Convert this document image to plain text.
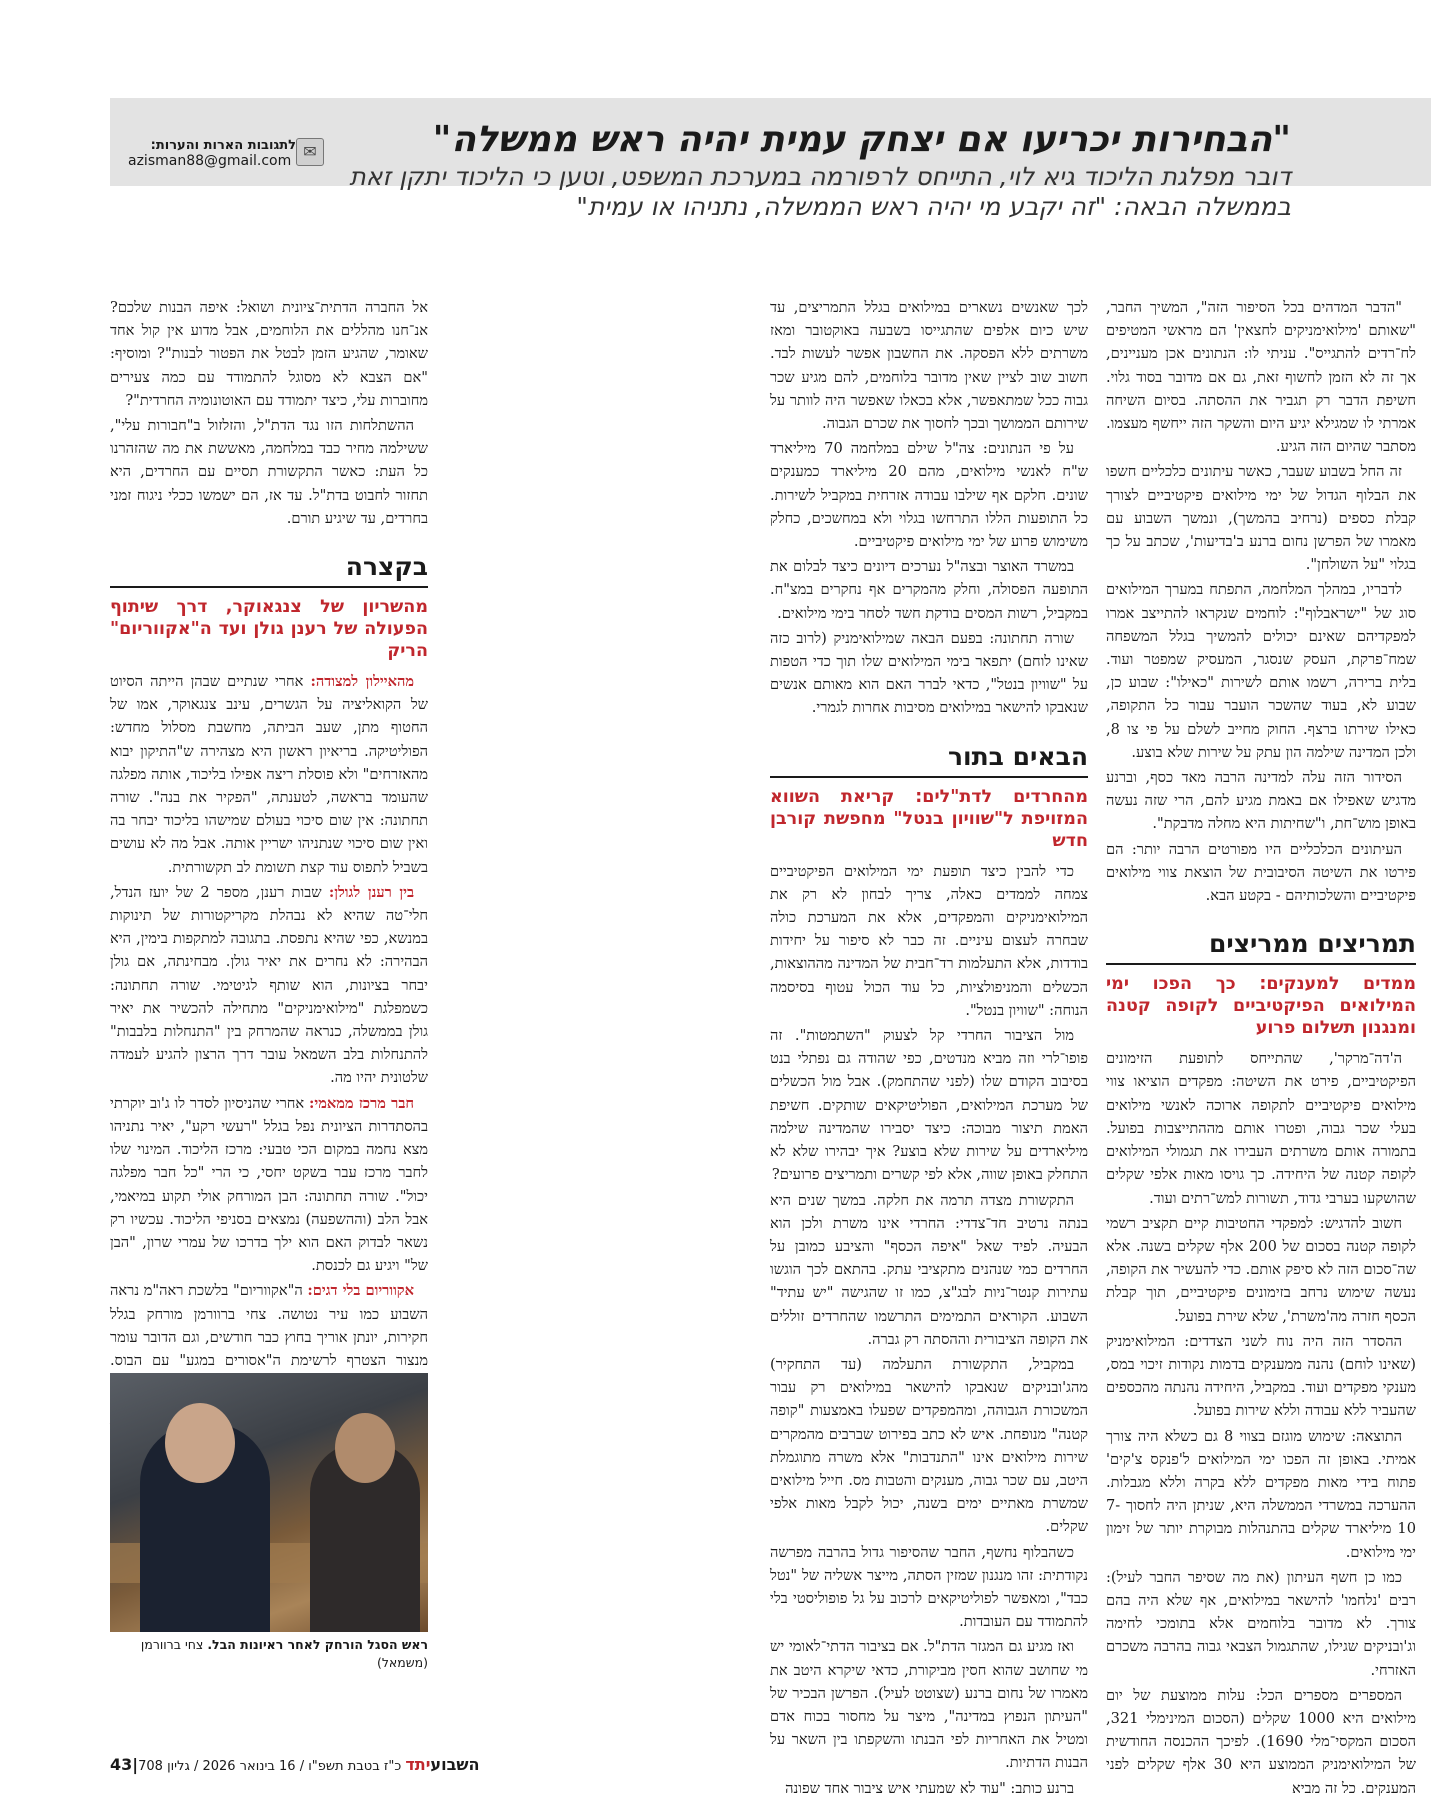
"הבחירות יכריעו אם יצחק עמית יהיה ראש ממשלה"
דובר מפלגת הליכוד גיא לוי, התייחס לרפורמה במערכת המשפט, וטען כי הליכוד יתקן זאת בממשלה הבאה: "זה יקבע מי יהיה ראש הממשלה, נתניהו או עמית"
✉
לתגובות הארות והערות:
azisman88@gmail.com

"הדבר המדהים בכל הסיפור הזה", המשיך החבר, "שאותם 'מילואימניקים לחצאין' הם מראשי המטיפים לח־רדים להתגייס". עניתי לו: הנתונים אכן מעניינים, אך זה לא הזמן לחשוף זאת, גם אם מדובר בסוד גלוי. חשיפת הדבר רק תגביר את ההסתה. בסיום השיחה אמרתי לו שמגילא יגיע היום והשקר הזה ייחשף מעצמו. מסתבר שהיום הזה הגיע.

זה החל בשבוע שעבר, כאשר עיתונים כלכליים חשפו את הבלוף הגדול של ימי מילואים פיקטיביים לצורך קבלת כספים (נרחיב בהמשך), ונמשך השבוע עם מאמרו של הפרשן נחום ברנע ב'בדיעות', שכתב על כך בגלוי "על השולחן".

לדבריו, במהלך המלחמה, התפתח במערך המילואים סוג של "ישראבלוף": לוחמים שנקראו להתייצב אמרו למפקדיהם שאינם יכולים להמשיך בגלל המשפחה שמח־פרקת, העסק שנסגר, המעסיק שמפטר ועוד. בלית ברירה, רשמו אותם לשירות "כאילו": שבוע כן, שבוע לא, בעוד שהשכר הועבר עבור כל התקופה, כאילו שירתו ברצף. החוק מחייב לשלם על פי צו 8, ולכן המדינה שילמה הון עתק על שירות שלא בוצע.

הסידור הזה עלה למדינה הרבה מאד כסף, וברנע מדגיש שאפילו אם באמת מגיע להם, הרי שזה נעשה באופן מוש־חת, ו"שחיתות היא מחלה מדבקת".

העיתונים הכלכליים היו מפורטים הרבה יותר: הם פירטו את השיטה הסיבובית של הוצאת צווי מילואים פיקטיביים והשלכותיהם - בקטע הבא.

תמריצים ממריצים
ממדים למענקים: כך הפכו ימי המילואים הפיקטיביים לקופה קטנה ומנגנון תשלום פרוע

ה'דה־מרקר', שהתייחס לתופעת הזימונים הפיקטיביים, פירט את השיטה: מפקדים הוציאו צווי מילואים פיקטיביים לתקופה ארוכה לאנשי מילואים בעלי שכר גבוה, ופטרו אותם מההתייצבות בפועל. בתמורה אותם משרתים העבירו את תגמולי המילואים לקופה קטנה של היחידה. כך גויסו מאות אלפי שקלים שהושקעו בערבי גדוד, תשורות למש־רתים ועוד.

חשוב להדגיש: למפקדי החטיבות קיים תקציב רשמי לקופה קטנה בסכום של 200 אלף שקלים בשנה. אלא שה־סכום הזה לא סיפק אותם. כדי להעשיר את הקופה, נעשה שימוש נרחב בזימונים פיקטיביים, תוך קבלת הכסף חזרה מה'משרת', שלא שירת בפועל.

ההסדר הזה היה נוח לשני הצדדים: המילואימניק (שאינו לוחם) נהנה ממענקים בדמות נקודות זיכוי במס, מענקי מפקדים ועוד. במקביל, היחידה נהנתה מהכספים שהעביר ללא עבודה וללא שירות בפועל.

התוצאה: שימוש מוגזם בצווי 8 גם כשלא היה צורך אמיתי. באופן זה הפכו ימי המילואים ל'פנקס צ'קים' פתוח בידי מאות מפקדים ללא בקרה וללא מגבלות. ההערכה במשרדי הממשלה היא, שניתן היה לחסוך 7-10 מיליארד שקלים בהתנהלות מבוקרת יותר של זימון ימי מילואים.

כמו כן חשף העיתון (את מה שסיפר החבר לעיל): רבים 'נלחמו' להישאר במילואים, אף שלא היה בהם צורך. לא מדובר בלוחמים אלא בתומכי לחימה וג'ובניקים שגילו, שהתגמול הצבאי גבוה בהרבה משכרם האזרחי.

המספרים מספרים הכל: עלות ממוצעת של יום מילואים היא 1000 שקלים (הסכום המינימלי 321, הסכום המקסי־מלי 1690). לפיכך ההכנסה החודשית של המילואימניק הממוצע היא 30 אלף שקלים לפני המענקים. כל זה מביא

לכך שאנשים נשארים במילואים בגלל התמריצים, עד שיש כיום אלפים שהתגייסו בשבעה באוקטובר ומאז משרתים ללא הפסקה. את החשבון אפשר לעשות לבד. חשוב שוב לציין שאין מדובר בלוחמים, להם מגיע שכר גבוה ככל שמתאפשר, אלא בכאלו שאפשר היה לוותר על שירותם הממושך ובכך לחסוך את שכרם הגבוה.

על פי הנתונים: צה"ל שילם במלחמה 70 מיליארד ש"ח לאנשי מילואים, מהם 20 מיליארד כמענקים שונים. חלקם אף שילבו עבודה אזרחית במקביל לשירות. כל התופעות הללו התרחשו בגלוי ולא במחשכים, כחלק משימוש פרוע של ימי מילואים פיקטיביים.

במשרד האוצר ובצה"ל נערכים דיונים כיצד לבלום את התופעה הפסולה, וחלק מהמקרים אף נחקרים במצ"ח. במקביל, רשות המסים בודקת חשד לסחר בימי מילואים.

שורה תחתונה: בפעם הבאה שמילואימניק (לרוב כזה שאינו לוחם) יתפאר בימי המילואים שלו תוך כדי הטפות על "שוויון בנטל", כדאי לברר האם הוא מאותם אנשים שנאבקו להישאר במילואים מסיבות אחרות לגמרי.

הבאים בתור
מהחרדים לדת"לים: קריאת השווא המזויפת ל"שוויון בנטל" מחפשת קורבן חדש

כדי להבין כיצד תופעת ימי המילואים הפיקטיביים צמחה לממדים כאלה, צריך לבחון לא רק את המילואימניקים והמפקדים, אלא את המערכת כולה שבחרה לעצום עיניים. זה כבר לא סיפור על יחידות בודדות, אלא התעלמות רד־חבית של המדינה מההוצאות, הכשלים והמניפולציות, כל עוד הכול עטוף בסיסמה הנוחה: "שוויון בנטל".

מול הציבור החרדי קל לצעוק "השתמטות". זה פופו־לרי וזה מביא מנדטים, כפי שהודה גם נפתלי בנט בסיבוב הקודם שלו (לפני שהתחמק). אבל מול הכשלים של מערכת המילואים, הפוליטיקאים שותקים. חשיפת האמת תיצור מבוכה: כיצד יסבירו שהמדינה שילמה מיליארדים על שירות שלא בוצע? איך יבהירו שלא לא התחלק באופן שווה, אלא לפי קשרים ותמריצים פרועים?

התקשורת מצדה תרמה את חלקה. במשך שנים היא בנתה נרטיב חד־צדדי: החרדי אינו משרת ולכן הוא הבעיה. לפיד שאל "איפה הכסף" והציבע כמובן על החרדים כמי שנהנים מתקציבי עתק. בהתאם לכך הוגשו עתירות קנטר־ניות לבג"צ, כמו זו שהגישה "יש עתיד" השבוע. הקוראים התמימים התרשמו שהחרדים זוללים את הקופה הציבורית וההסתה רק גברה.

במקביל, התקשורת התעלמה (עד התחקיר) מהג'ובניקים שנאבקו להישאר במילואים רק עבור המשכורת הגבוהה, ומהמפקדים שפעלו באמצעות "קופה קטנה" מנופחת. איש לא כתב בפירוט שברבים מהמקרים שירות מילואים אינו "התנדבות" אלא משרה מתוגמלת היטב, עם שכר גבוה, מענקים והטבות מס. חייל מילואים שמשרת מאתיים ימים בשנה, יכול לקבל מאות אלפי שקלים.

כשהבלוף נחשף, החבר שהסיפור גדול בהרבה מפרשה נקודתית: זהו מנגנון שמזין הסתה, מייצר אשליה של "נטל כבד", ומאפשר לפוליטיקאים לרכוב על גל פופוליסטי בלי להתמודד עם העובדות.

ואז מגיע גם המגזר הדת"ל. אם בציבור הדתי־לאומי יש מי שחושב שהוא חסין מביקורת, כדאי שיקרא היטב את מאמרו של נחום ברנע (שצוטט לעיל). הפרשן הבכיר של "העיתון הנפוץ במדינה", מיצר על מחסור בכוח אדם ומטיל את האחריות לפי הבנתו והשקפתו בין השאר על הבנות הדתיות.

ברנע כותב: "עוד לא שמעתי איש ציבור אחד שפונה

אל החברה הדתית־ציונית ושואל: איפה הבנות שלכם? אנ־חנו מהללים את הלוחמים, אבל מדוע אין קול אחד שאומר, שהגיע הזמן לבטל את הפטור לבנות"? ומוסיף: "אם הצבא לא מסוגל להתמודד עם כמה צעירים מחוברות עלי, כיצד יתמודד עם האוטונומיה החרדית"?

ההשתלחות הזו נגד הדת"ל, והזלזול ב"חבורות עלי", ששילמה מחיר כבד במלחמה, מאששת את מה שהזהרנו כל העת: כאשר התקשורת תסיים עם החרדים, היא תחזור לחבוט בדת"ל. עד אז, הם ישמשו ככלי ניגוח זמני בחרדים, עד שיגיע תורם.

בקצרה
מהשריון של צנגאוקר, דרך שיתוף הפעולה של רענן גולן ועד ה"אקווריום" הריק

מהאיילון למצודה: אחרי שנתיים שבהן הייתה הסיוט של הקואליציה על הגשרים, עינב צנגאוקר, אמו של החטוף מתן, שעב הביתה, מחשבת מסלול מחדש: הפוליטיקה. בריאיון ראשון היא מצהירה ש"התיקון יבוא מהאזרחים" ולא פוסלת ריצה אפילו בליכוד, אותה מפלגה שהעומד בראשה, לטענתה, "הפקיר את בנה". שורה תחתונה: אין שום סיכוי בעולם שמישהו בליכוד יבחר בה ואין שום סיכוי שנתניהו ישריין אותה. אבל מה לא עושים בשביל לתפוס עוד קצת תשומת לב תקשורתית.

בין רענן לגולן: שבות רענן, מספר 2 של יועז הנדל, חלי־טה שהיא לא נבהלת מקריקטורות של תינוקות במנשא, כפי שהיא נתפסת. בתגובה למתקפות בימין, היא הבהירה: לא נחרים את יאיר גולן. מבחינתה, אם גולן יבחר בציונות, הוא שותף לגיטימי. שורה תחתונה: כשמפלגת "מילואימניקים" מתחילה להכשיר את יאיר גולן בממשלה, כנראה שהמרחק בין "התנחלות בלבבות" להתנחלות בלב השמאל עובר דרך הרצון להגיע לעמדה שלטונית יהיו מה.

חבר מרכז ממאמי: אחרי שהניסיון לסדר לו ג'וב יוקרתי בהסתדרות הציונית נפל בגלל "רעשי רקע", יאיר נתניהו מצא נחמה במקום הכי טבעי: מרכז הליכוד. המינוי שלו לחבר מרכז עבר בשקט יחסי, כי הרי "כל חבר מפלגה יכול". שורה תחתונה: הבן המורחק אולי תקוע במיאמי, אבל הלב (וההשפעה) נמצאים בסניפי הליכוד. עכשיו רק נשאר לבדוק האם הוא ילך בדרכו של עמרי שרון, "הבן של" ויגיע גם לכנסת.

אקווריום בלי דגים: ה"אקווריום" בלשכת ראה"מ נראה השבוע כמו עיר נטושה. צחי ברוורמן מורחק בגלל חקירות, יונתן אוריך בחוץ כבר חודשים, וגם הדובר עומר מנצור הצטרף לרשימת ה"אסורים במגע" עם הבוס.

ראש הסגל הורחק לאחר ראיונות הבל. צחי ברוורמן (משמאל)
43|	השבועיתד כ"ז בטבת תשפ"ו / 16 בינואר 2026 / גליון 708
